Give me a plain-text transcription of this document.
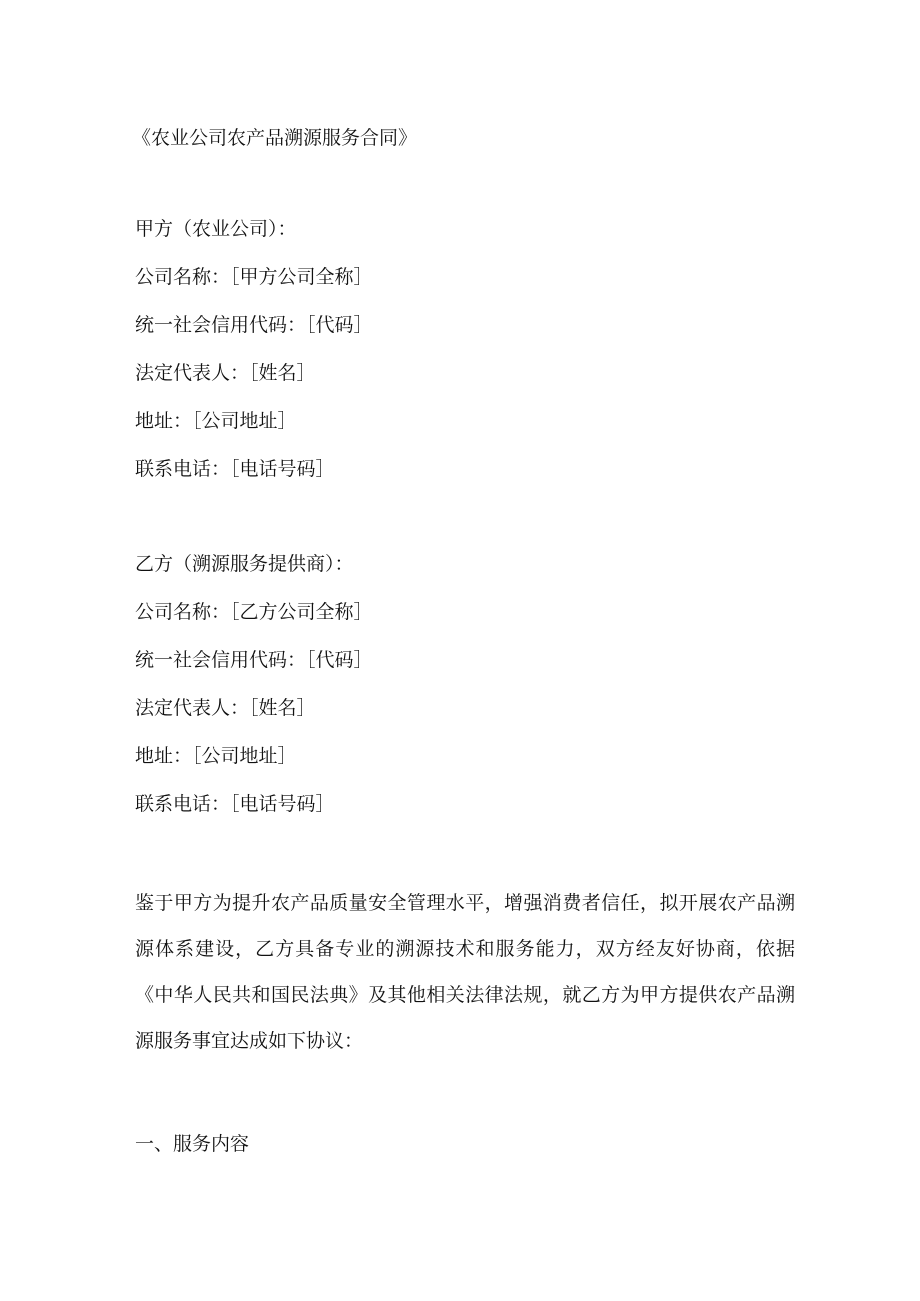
《农业公司农产品溯源服务合同》
甲方（农业公司）：
公司名称：［甲方公司全称］
统一社会信用代码：［代码］
法定代表人：［姓名］
地址：［公司地址］
联系电话：［电话号码］
乙方（溯源服务提供商）：
公司名称：［乙方公司全称］
统一社会信用代码：［代码］
法定代表人：［姓名］
地址：［公司地址］
联系电话：［电话号码］

鉴于甲方为提升农产品质量安全管理水平，增强消费者信任，拟开展农产品溯源体系建设，乙方具备专业的溯源技术和服务能力，双方经友好协商，依据《中华人民共和国民法典》及其他相关法律法规，就乙方为甲方提供农产品溯源服务事宜达成如下协议：

一、服务内容
